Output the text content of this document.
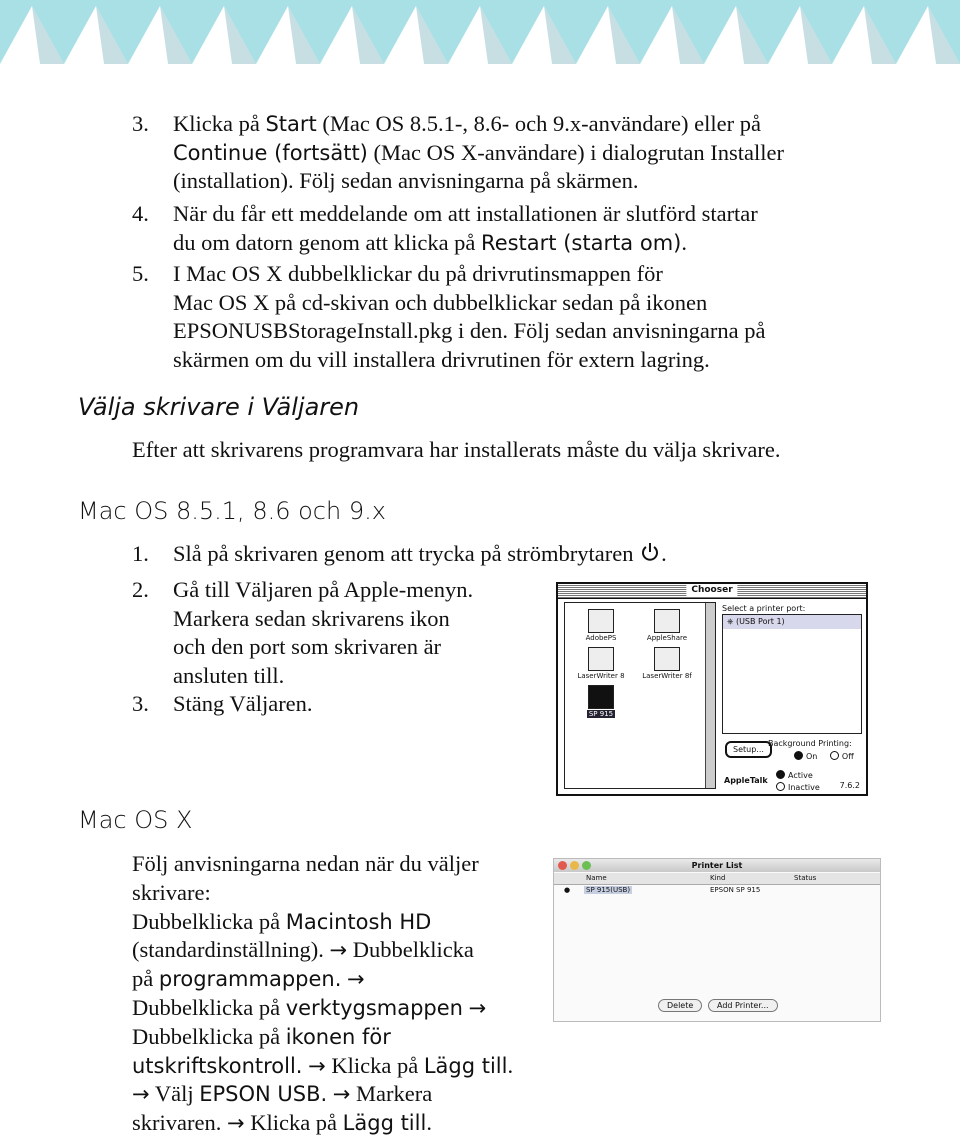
3. Klicka på Start (Mac OS 8.5.1-, 8.6- och 9.x-användare) eller på
Continue (fortsätt) (Mac OS X-användare) i dialogrutan Installer
(installation). Följ sedan anvisningarna på skärmen.
4. När du får ett meddelande om att installationen är slutförd startar
du om datorn genom att klicka på Restart (starta om).
5. I Mac OS X dubbelklickar du på drivrutinsmappen för
Mac OS X på cd-skivan och dubbelklickar sedan på ikonen
EPSONUSBStorageInstall.pkg i den. Följ sedan anvisningarna på
skärmen om du vill installera drivrutinen för extern lagring.
Välja skrivare i Väljaren
Efter att skrivarens programvara har installerats måste du välja skrivare.
Mac OS 8.5.1, 8.6 och 9.x
1. Slå på skrivaren genom att trycka på strömbrytaren .
2. Gå till Väljaren på Apple-menyn.
Markera sedan skrivarens ikon
och den port som skrivaren är
ansluten till.
3. Stäng Väljaren.
Chooser
AdobePS	AppleShare
LaserWriter 8	LaserWriter 8f
SP 915
Select a printer port:
⎈ (USB Port 1)
Setup...
Background Printing:
On	Off
AppleTalk
Active
Inactive 7.6.2
Mac OS X
Följ anvisningarna nedan när du väljer
skrivare:
Dubbelklicka på Macintosh HD
(standardinställning). → Dubbelklicka
på programmappen. →
Dubbelklicka på verktygsmappen →
Dubbelklicka på ikonen för
utskriftskontroll. → Klicka på Lägg till.
→ Välj EPSON USB. → Markera
skrivaren. → Klicka på Lägg till.
Printer List
Name	Kind	Status
● SP 915(USB)	EPSON SP 915
Delete	Add Printer...
